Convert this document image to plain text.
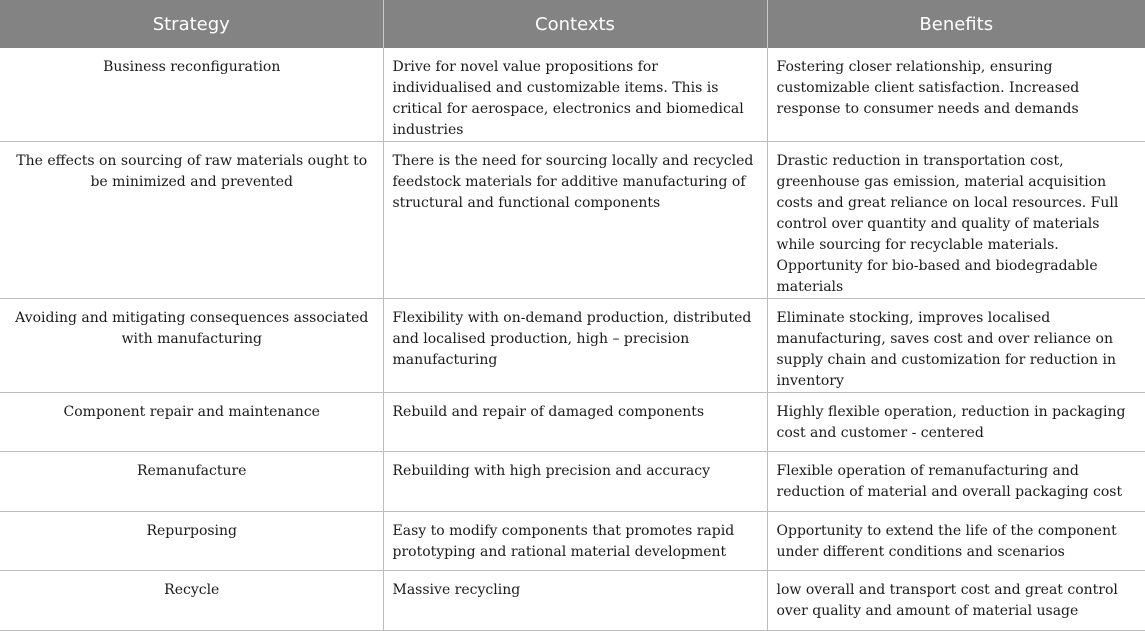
Strategy	Contexts	Benefits
Business reconfiguration	Drive for novel value propositions for individualised and customizable items. This is critical for aerospace, electronics and biomedical industries	Fostering closer relationship, ensuring customizable client satisfaction. Increased response to consumer needs and demands
The effects on sourcing of raw materials ought to be minimized and prevented	There is the need for sourcing locally and recycled feedstock materials for additive manufacturing of structural and functional components	Drastic reduction in transportation cost, greenhouse gas emission, material acquisition costs and great reliance on local resources. Full control over quantity and quality of materials while sourcing for recyclable materials. Opportunity for bio-based and biodegradable materials
Avoiding and mitigating consequences associated with manufacturing	Flexibility with on-demand production, distributed and localised production, high – precision manufacturing	Eliminate stocking, improves localised manufacturing, saves cost and over reliance on supply chain and customization for reduction in inventory
Component repair and maintenance	Rebuild and repair of damaged components	Highly flexible operation, reduction in packaging cost and customer - centered
Remanufacture	Rebuilding with high precision and accuracy	Flexible operation of remanufacturing and reduction of material and overall packaging cost
Repurposing	Easy to modify components that promotes rapid prototyping and rational material development	Opportunity to extend the life of the component under different conditions and scenarios
Recycle	Massive recycling	low overall and transport cost and great control over quality and amount of material usage
